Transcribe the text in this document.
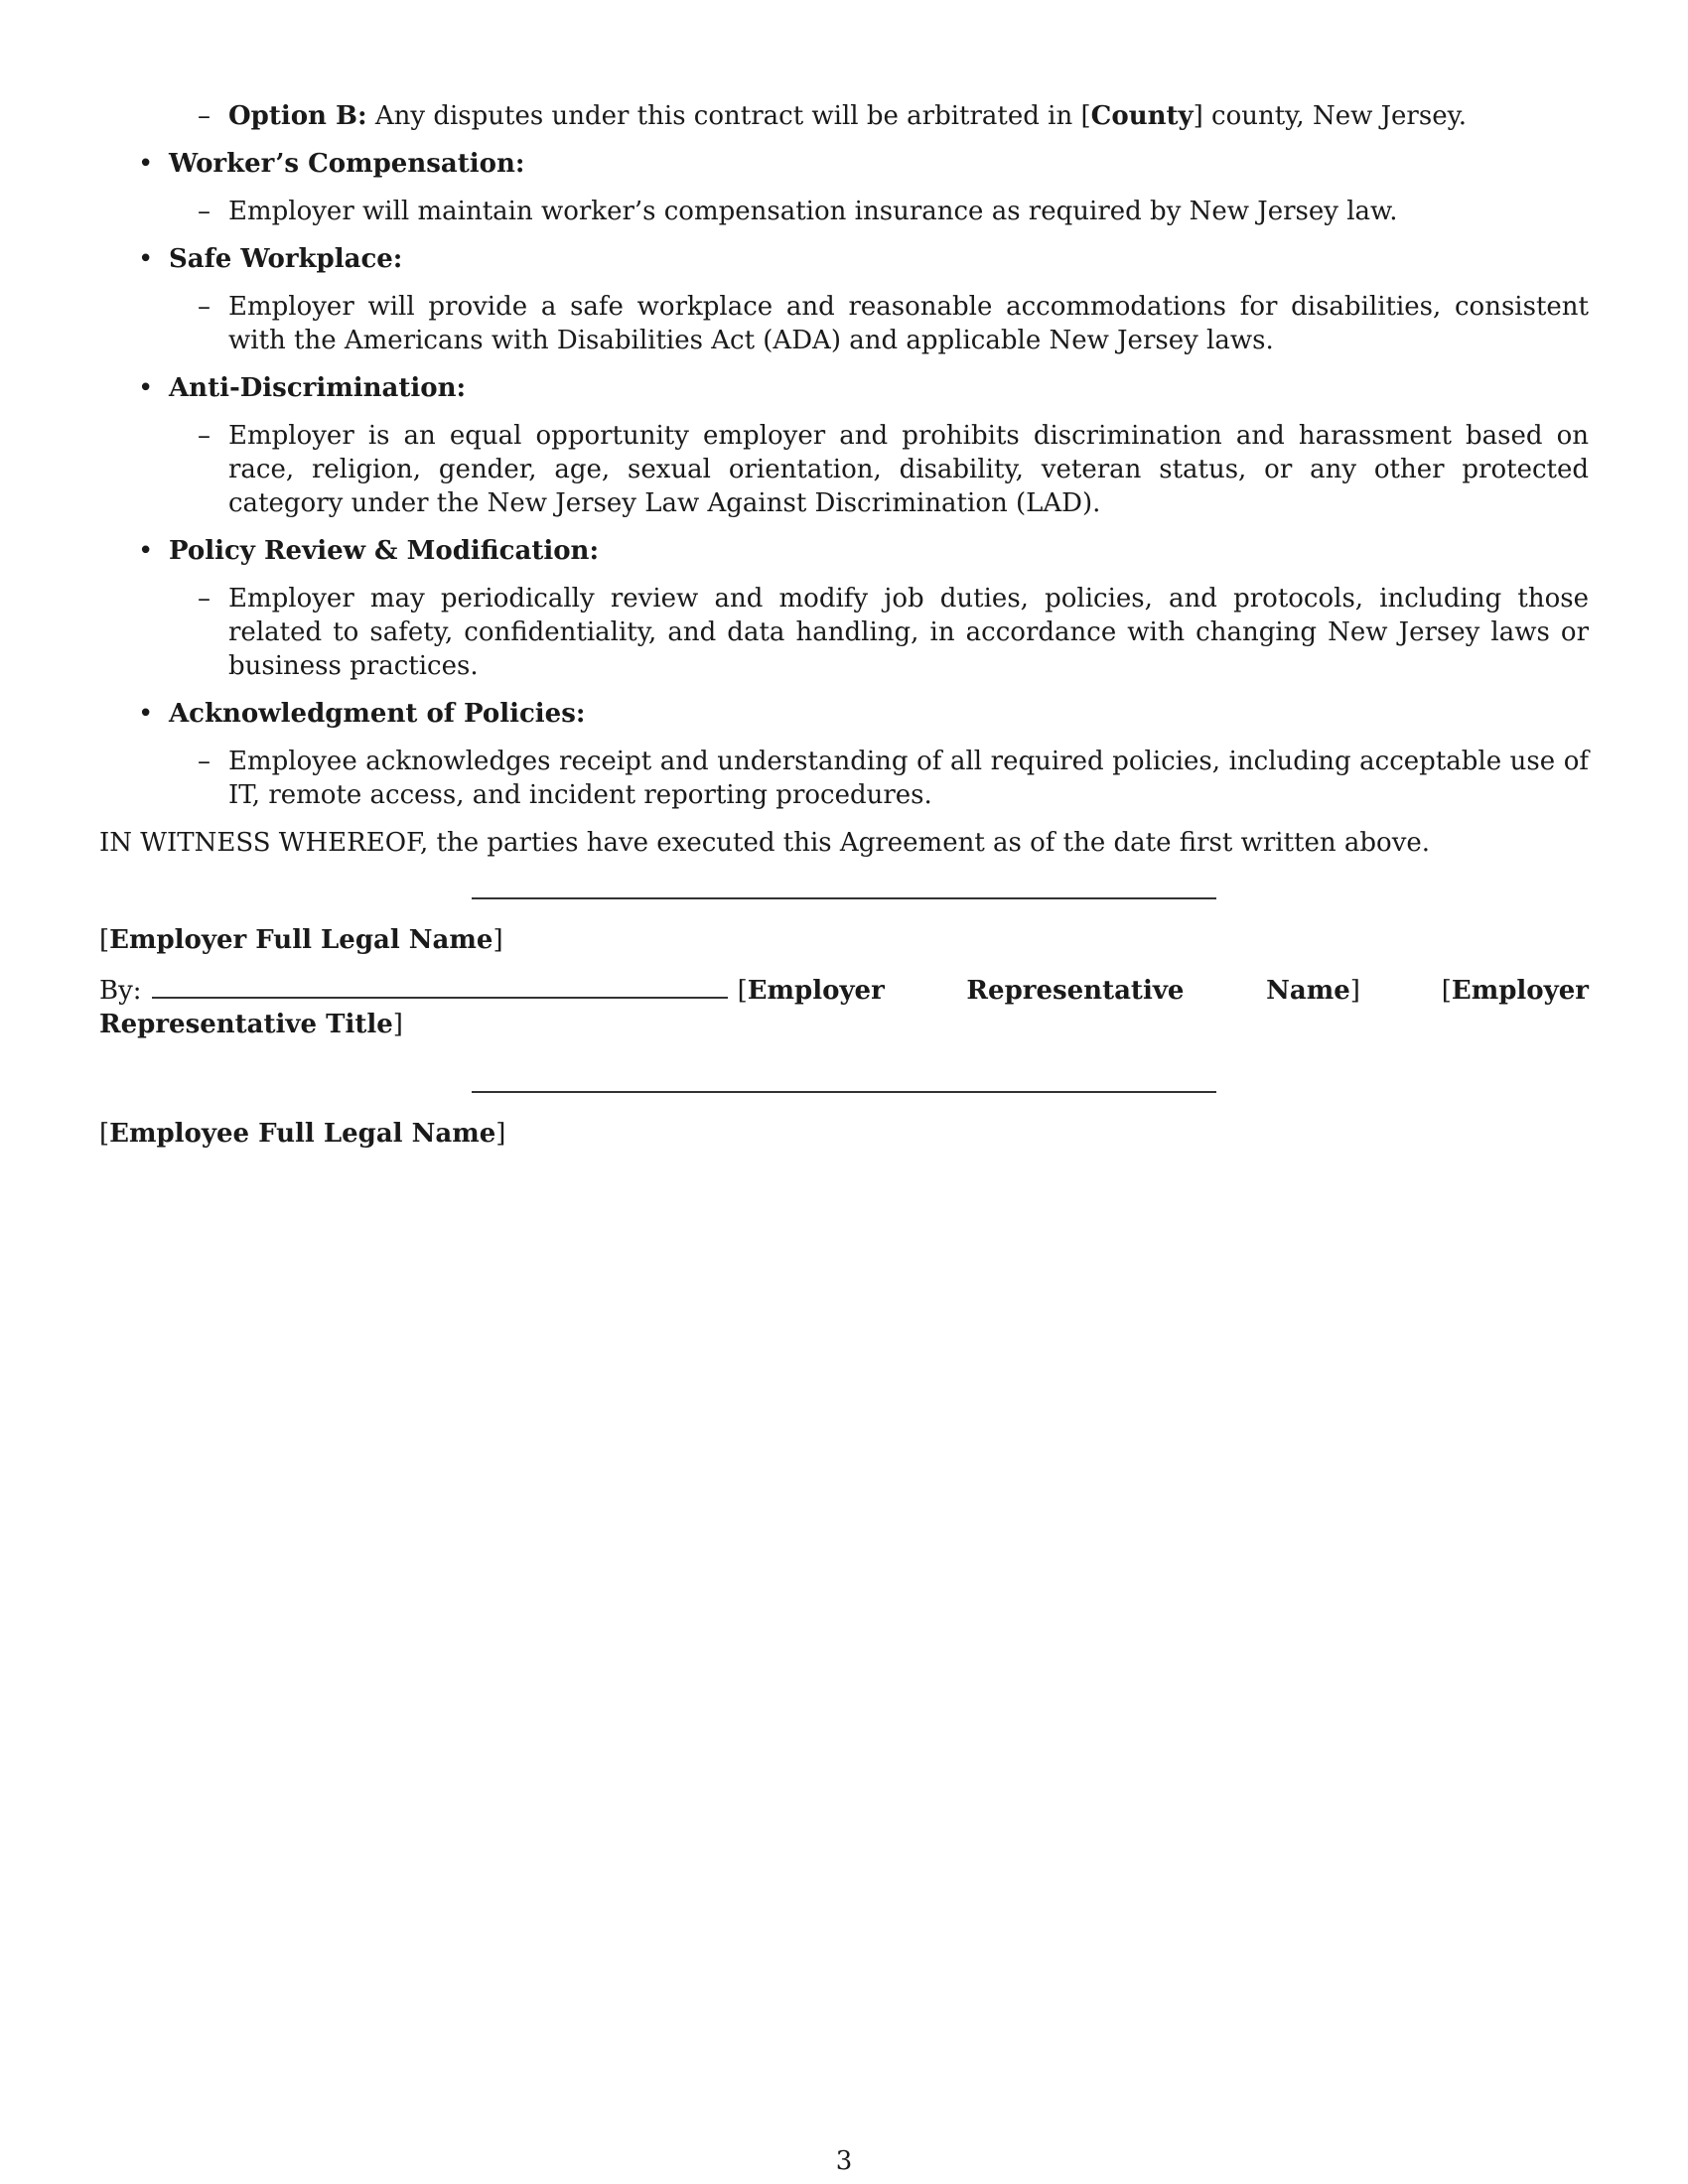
– Option B: Any disputes under this contract will be arbitrated in [County] county, New Jersey.
• Worker’s Compensation:
– Employer will maintain worker’s compensation insurance as required by New Jersey law.
• Safe Workplace:
– Employer will provide a safe workplace and reasonable accommodations for disabilities, consistent with the Americans with Disabilities Act (ADA) and applicable New Jersey laws.
• Anti-Discrimination:
– Employer is an equal opportunity employer and prohibits discrimination and harassment based on race, religion, gender, age, sexual orientation, disability, veteran status, or any other protected category under the New Jersey Law Against Discrimination (LAD).
• Policy Review & Modification:
– Employer may periodically review and modify job duties, policies, and protocols, including those related to safety, confidentiality, and data handling, in accordance with changing New Jersey laws or business practices.
• Acknowledgment of Policies:
– Employee acknowledges receipt and understanding of all required policies, including acceptable use of IT, remote access, and incident reporting procedures.
IN WITNESS WHEREOF, the parties have executed this Agreement as of the date first written above.
[Employer Full Legal Name]
By:	[Employer Representative Name] [Employer Representative Title]
[Employee Full Legal Name]
3
